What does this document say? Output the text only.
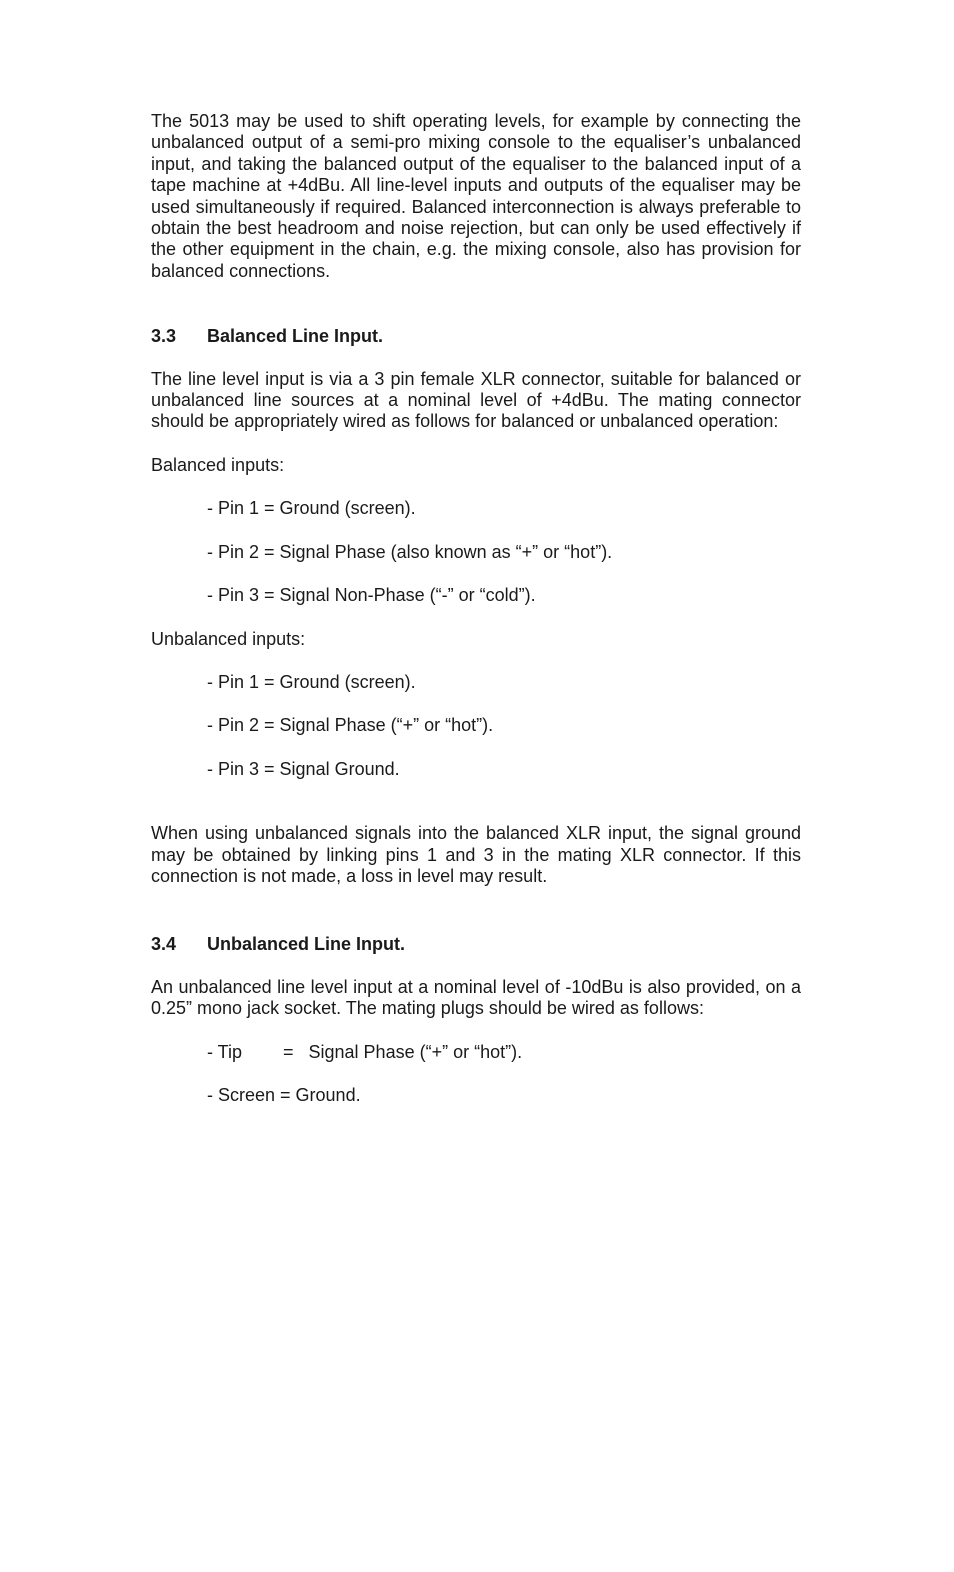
The 5013 may be used to shift operating levels, for example by connecting the unbalanced output of a semi-pro mixing console to the equaliser’s unbalanced input, and taking the balanced output of the equaliser to the balanced input of a tape machine at +4dBu. All line-level inputs and outputs of the equaliser may be used simultaneously if required. Balanced interconnection is always preferable to obtain the best headroom and noise rejection, but can only be used effectively if the other equipment in the chain, e.g. the mixing console, also has provision for balanced connections.

3.3	Balanced Line Input.

The line level input is via a 3 pin female XLR connector, suitable for balanced or unbalanced line sources at a nominal level of +4dBu. The mating connector should be appropriately wired as follows for balanced or unbalanced operation:

Balanced inputs:

- Pin 1 = Ground (screen).

- Pin 2 = Signal Phase (also known as “+” or “hot”).

- Pin 3 = Signal Non-Phase (“-” or “cold”).

Unbalanced inputs:

- Pin 1 = Ground (screen).

- Pin 2 = Signal Phase (“+” or “hot”).

- Pin 3 = Signal Ground.

When using unbalanced signals into the balanced XLR input, the signal ground may be obtained by linking pins 1 and 3 in the mating XLR connector. If this connection is not made, a loss in level may result.

3.4	Unbalanced Line Input.

An unbalanced line level input at a nominal level of -10dBu is also provided, on a 0.25” mono jack socket. The mating plugs should be wired as follows:

- Tip =   Signal Phase (“+” or “hot”).

- Screen = Ground.
